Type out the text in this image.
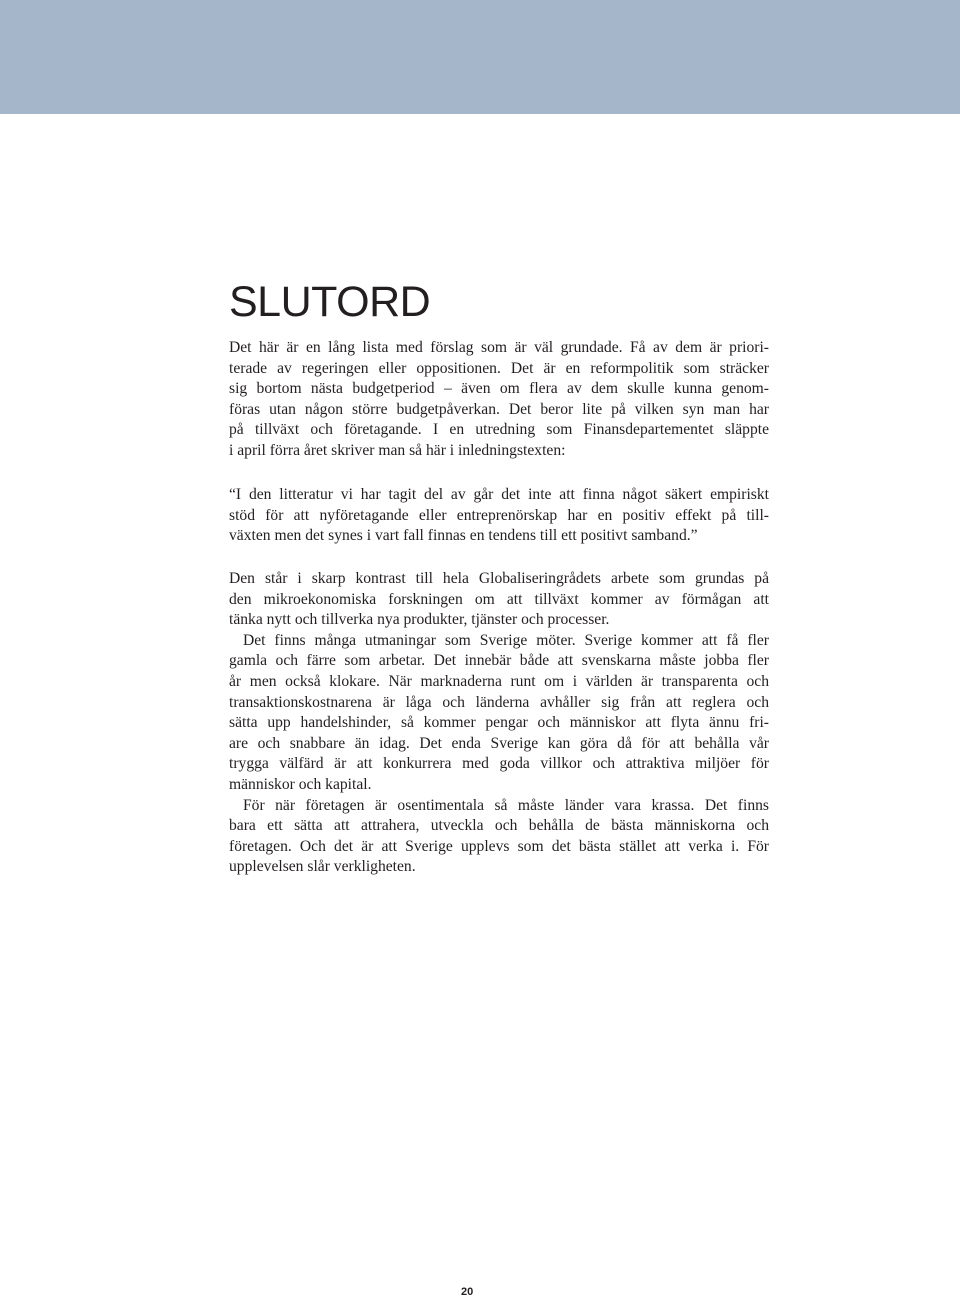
SLUTORD
Det här är en lång lista med förslag som är väl grundade. Få av dem är priori-
terade av regeringen eller oppositionen. Det är en reformpolitik som sträcker
sig bortom nästa budgetperiod – även om flera av dem skulle kunna genom-
föras utan någon större budgetpåverkan. Det beror lite på vilken syn man har
på tillväxt och företagande. I en utredning som Finansdepartementet släppte
i april förra året skriver man så här i inledningstexten:
“I den litteratur vi har tagit del av går det inte att finna något säkert empiriskt
stöd för att nyföretagande eller entreprenörskap har en positiv effekt på till-
växten men det synes i vart fall finnas en tendens till ett positivt samband.”
Den står i skarp kontrast till hela Globaliseringrådets arbete som grundas på
den mikroekonomiska forskningen om att tillväxt kommer av förmågan att
tänka nytt och tillverka nya produkter, tjänster och processer.
Det finns många utmaningar som Sverige möter. Sverige kommer att få fler
gamla och färre som arbetar. Det innebär både att svenskarna måste jobba fler
år men också klokare. När marknaderna runt om i världen är transparenta och
transaktionskostnarena är låga och länderna avhåller sig från att reglera och
sätta upp handelshinder, så kommer pengar och människor att flyta ännu fri-
are och snabbare än idag. Det enda Sverige kan göra då för att behålla vår
trygga välfärd är att konkurrera med goda villkor och attraktiva miljöer för
människor och kapital.
För när företagen är osentimentala så måste länder vara krassa. Det finns
bara ett sätta att attrahera, utveckla och behålla de bästa människorna och
företagen. Och det är att Sverige upplevs som det bästa stället att verka i. För
upplevelsen slår verkligheten.
20
